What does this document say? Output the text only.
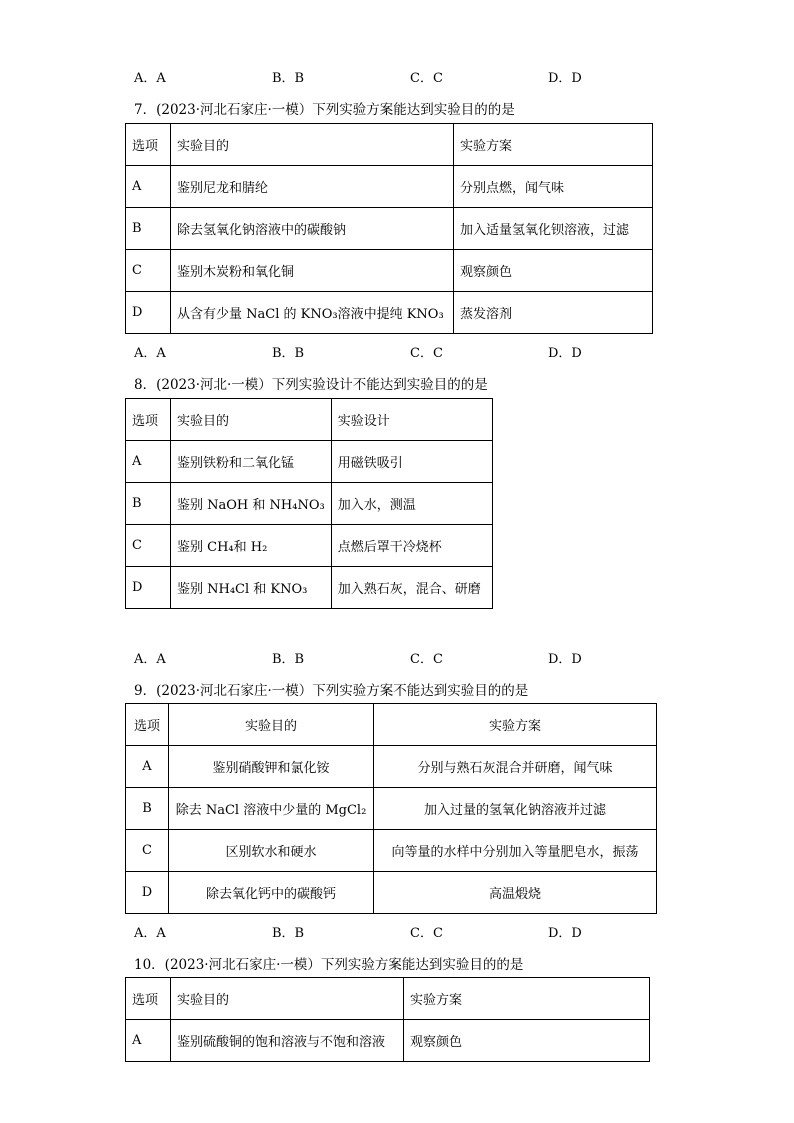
A．A	B．B	C．C	D．D
7．(2023·河北石家庄·一模）下列实验方案能达到实验目的的是
选项	实验目的	实验方案
A	鉴别尼龙和腈纶	分别点燃，闻气味
B	除去氢氧化钠溶液中的碳酸钠	加入适量氢氧化钡溶液，过滤
C	鉴别木炭粉和氧化铜	观察颜色
D	从含有少量 NaCl 的 KNO₃溶液中提纯 KNO₃	蒸发溶剂
A．A	B．B	C．C	D．D
8．(2023·河北·一模）下列实验设计不能达到实验目的的是
选项	实验目的	实验设计
A	鉴别铁粉和二氧化锰	用磁铁吸引
B	鉴别 NaOH 和 NH₄NO₃	加入水，测温
C	鉴别 CH₄和 H₂	点燃后罩干冷烧杯
D	鉴别 NH₄Cl 和 KNO₃	加入熟石灰，混合、研磨
A．A	B．B	C．C	D．D
9．(2023·河北石家庄·一模）下列实验方案不能达到实验目的的是
选项	实验目的	实验方案
A	鉴别硝酸钾和氯化铵	分别与熟石灰混合并研磨，闻气味
B	除去 NaCl 溶液中少量的 MgCl₂	加入过量的氢氧化钠溶液并过滤
C	区别软水和硬水	向等量的水样中分别加入等量肥皂水，振荡
D	除去氧化钙中的碳酸钙	高温煅烧
A．A	B．B	C．C	D．D
10．(2023·河北石家庄·一模）下列实验方案能达到实验目的的是
选项	实验目的	实验方案
A	鉴别硫酸铜的饱和溶液与不饱和溶液	观察颜色
